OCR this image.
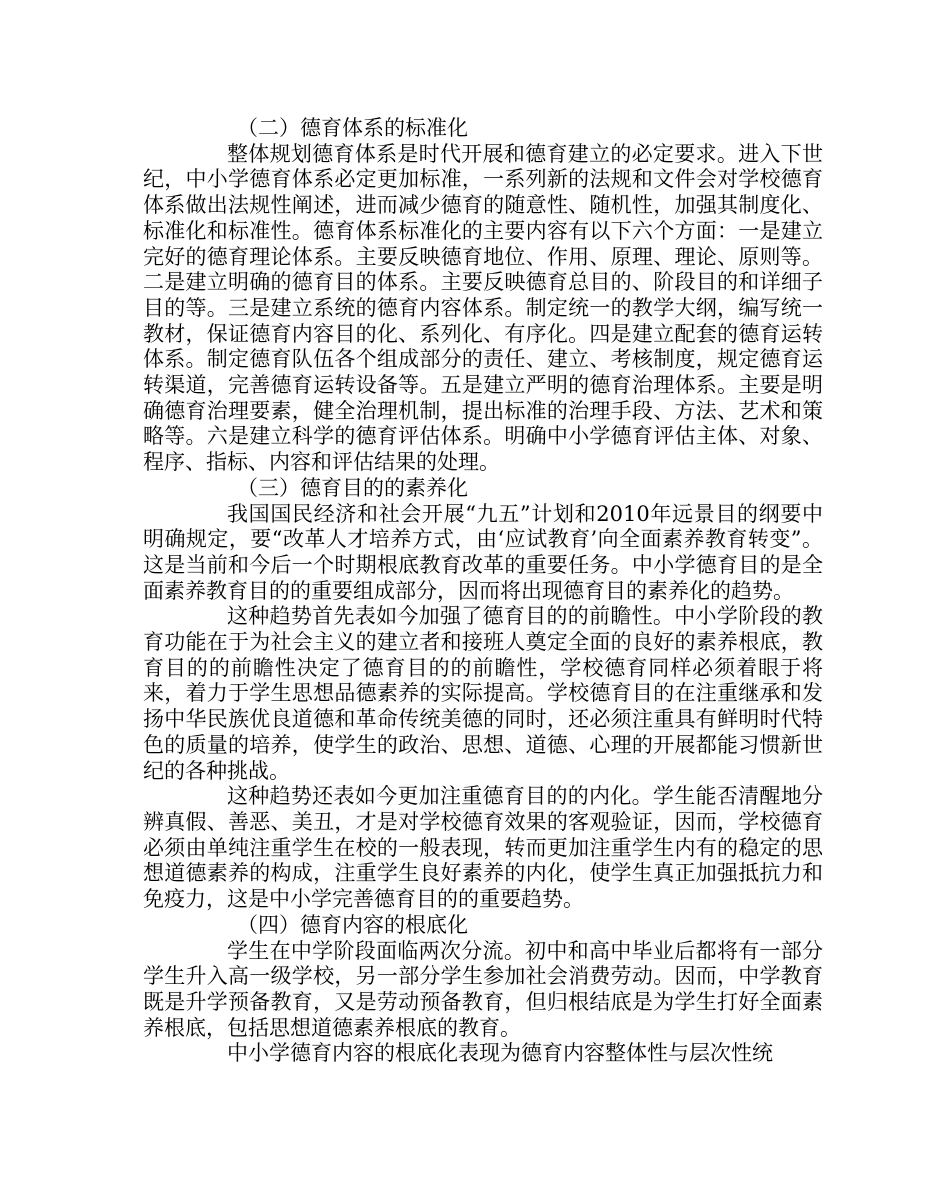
（二）德育体系的标准化

整体规划德育体系是时代开展和德育建立的必定要求。进入下世纪，中小学德育体系必定更加标准，一系列新的法规和文件会对学校德育体系做出法规性阐述，进而减少德育的随意性、随机性，加强其制度化、标准化和标准性。德育体系标准化的主要内容有以下六个方面：一是建立完好的德育理论体系。主要反映德育地位、作用、原理、理论、原则等。二是建立明确的德育目的体系。主要反映德育总目的、阶段目的和详细子目的等。三是建立系统的德育内容体系。制定统一的教学大纲，编写统一教材，保证德育内容目的化、系列化、有序化。四是建立配套的德育运转体系。制定德育队伍各个组成部分的责任、建立、考核制度，规定德育运转渠道，完善德育运转设备等。五是建立严明的德育治理体系。主要是明确德育治理要素，健全治理机制，提出标准的治理手段、方法、艺术和策略等。六是建立科学的德育评估体系。明确中小学德育评估主体、对象、程序、指标、内容和评估结果的处理。

（三）德育目的的素养化

我国国民经济和社会开展“九五”计划和2010年远景目的纲要中明确规定，要“改革人才培养方式，由‘应试教育’向全面素养教育转变”。这是当前和今后一个时期根底教育改革的重要任务。中小学德育目的是全面素养教育目的的重要组成部分，因而将出现德育目的素养化的趋势。

这种趋势首先表如今加强了德育目的的前瞻性。中小学阶段的教育功能在于为社会主义的建立者和接班人奠定全面的良好的素养根底，教育目的的前瞻性决定了德育目的的前瞻性，学校德育同样必须着眼于将来，着力于学生思想品德素养的实际提高。学校德育目的在注重继承和发扬中华民族优良道德和革命传统美德的同时，还必须注重具有鲜明时代特色的质量的培养，使学生的政治、思想、道德、心理的开展都能习惯新世纪的各种挑战。

这种趋势还表如今更加注重德育目的的内化。学生能否清醒地分辨真假、善恶、美丑，才是对学校德育效果的客观验证，因而，学校德育必须由单纯注重学生在校的一般表现，转而更加注重学生内有的稳定的思想道德素养的构成，注重学生良好素养的内化，使学生真正加强抵抗力和免疫力，这是中小学完善德育目的的重要趋势。

（四）德育内容的根底化

学生在中学阶段面临两次分流。初中和高中毕业后都将有一部分学生升入高一级学校，另一部分学生参加社会消费劳动。因而，中学教育既是升学预备教育，又是劳动预备教育，但归根结底是为学生打好全面素养根底，包括思想道德素养根底的教育。

中小学德育内容的根底化表现为德育内容整体性与层次性统
